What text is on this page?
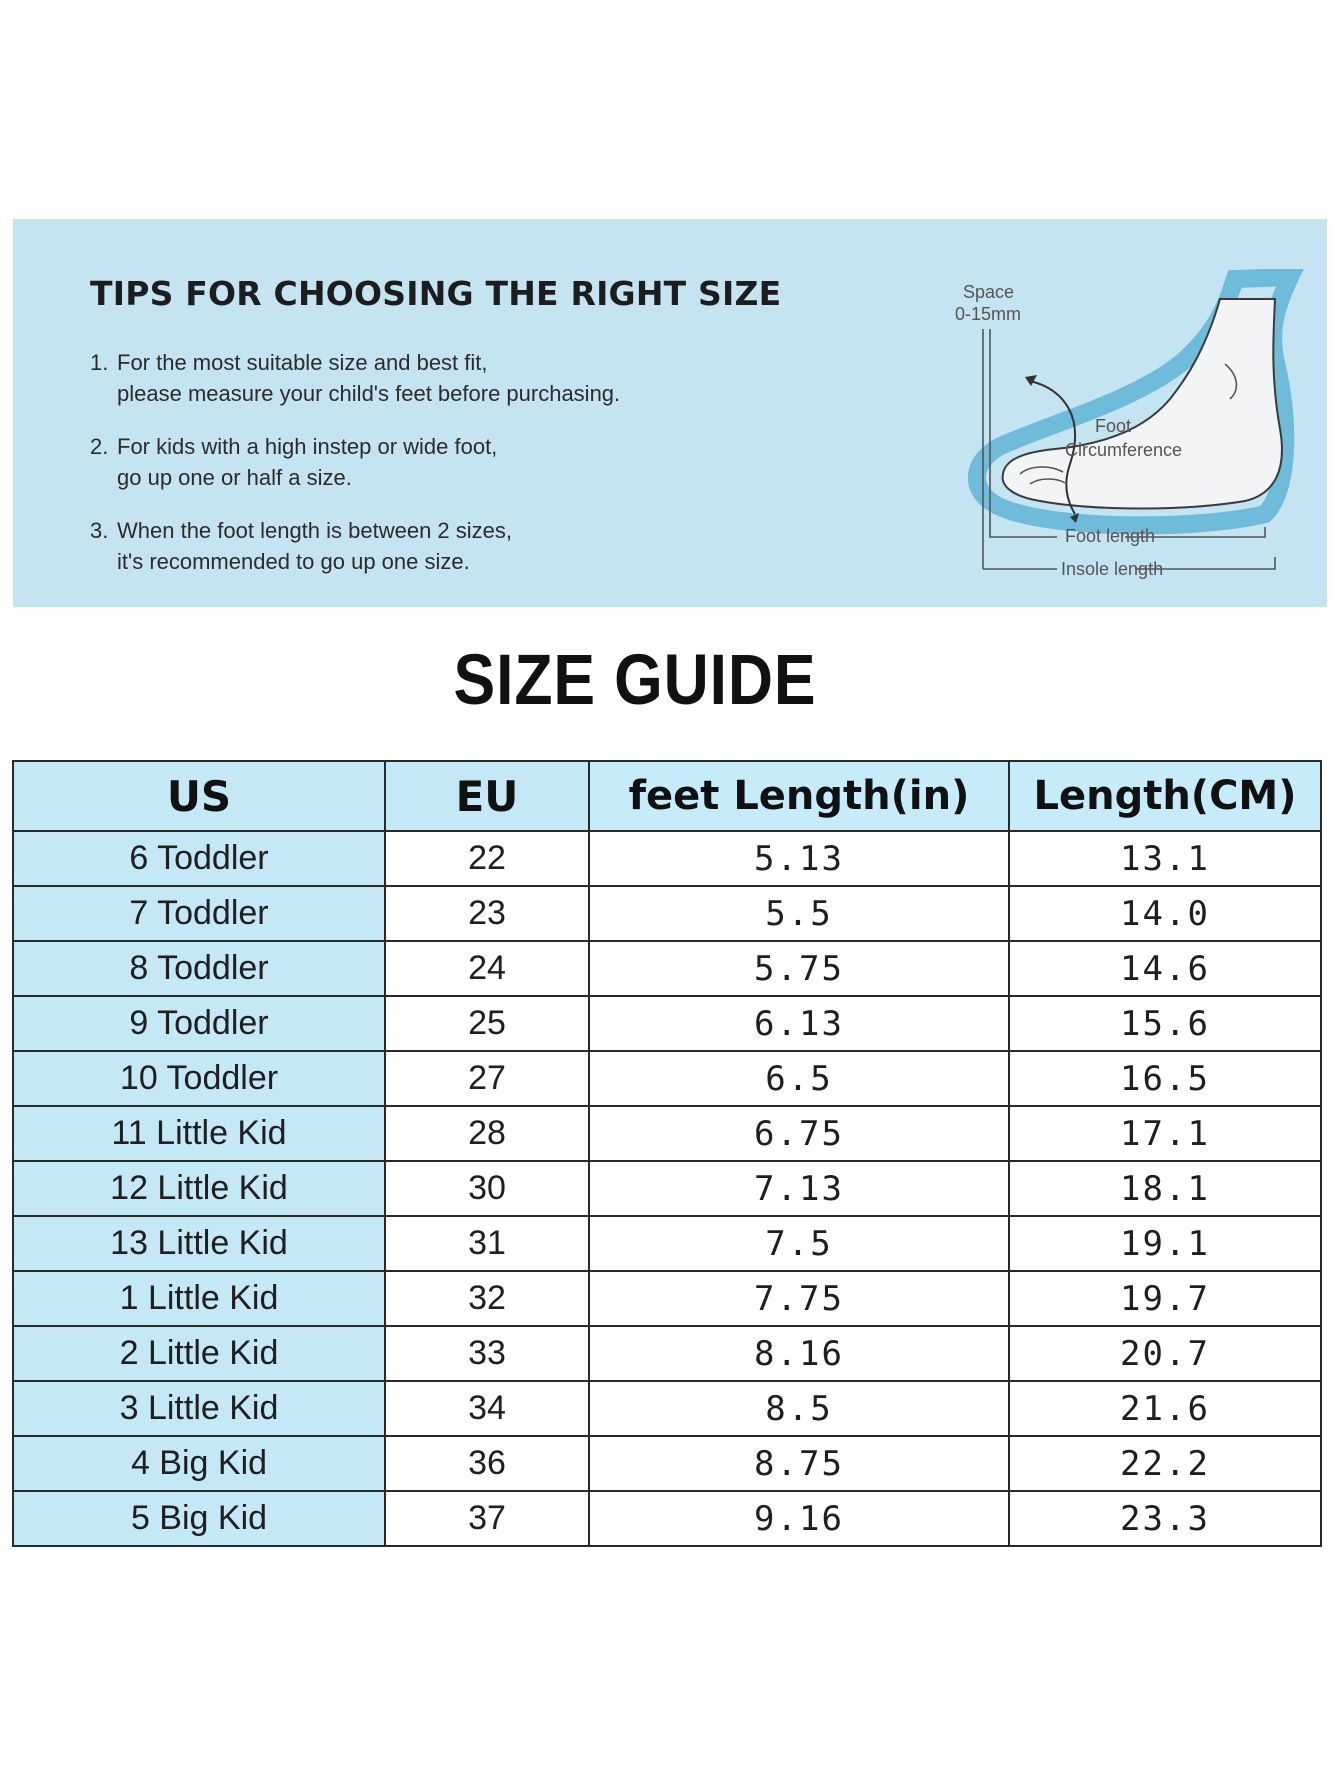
TIPS FOR CHOOSING THE RIGHT SIZE

1. For the most suitable size and best fit,
please measure your child's feet before purchasing.

2. For kids with a high instep or wide foot,
go up one or half a size.

3. When the foot length is between 2 sizes,
it's recommended to go up one size.

Space
0-15mm
Foot
Circumference
Foot length
Insole length
SIZE GUIDE
US	EU	feet Length(in)	Length(CM)
6 Toddler	22	5.13	13.1
7 Toddler	23	5.5	14.0
8 Toddler	24	5.75	14.6
9 Toddler	25	6.13	15.6
10 Toddler	27	6.5	16.5
11 Little Kid	28	6.75	17.1
12 Little Kid	30	7.13	18.1
13 Little Kid	31	7.5	19.1
1 Little Kid	32	7.75	19.7
2 Little Kid	33	8.16	20.7
3 Little Kid	34	8.5	21.6
4 Big Kid	36	8.75	22.2
5 Big Kid	37	9.16	23.3
